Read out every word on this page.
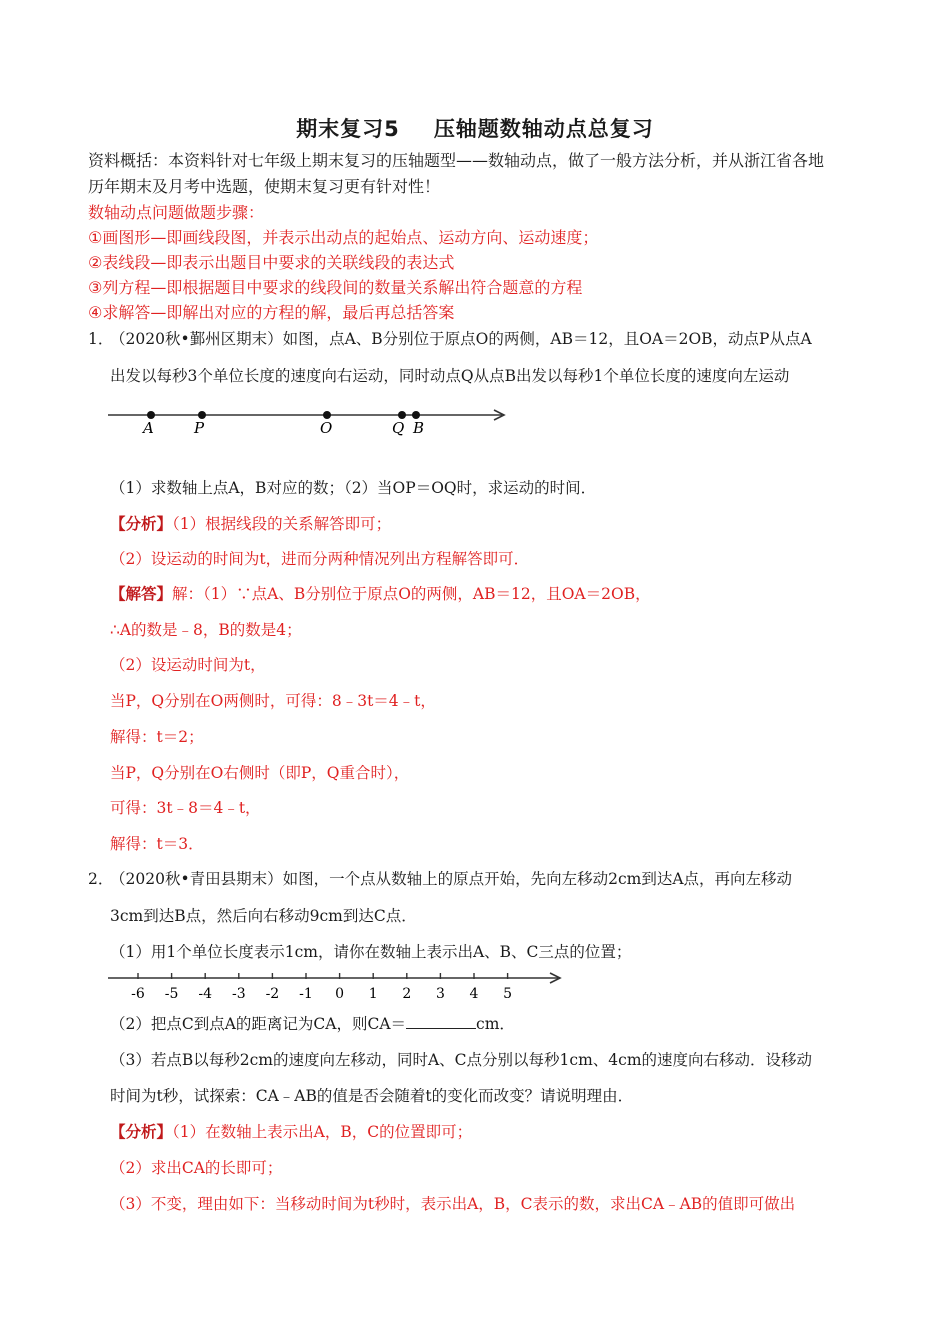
期末复习5 压轴题数轴动点总复习
资料概括：本资料针对七年级上期末复习的压轴题型——数轴动点，做了一般方法分析，并从浙江省各地
历年期末及月考中选题，使期末复习更有针对性！
数轴动点问题做题步骤：
①画图形—即画线段图，并表示出动点的起始点、运动方向、运动速度；
②表线段—即表示出题目中要求的关联线段的表达式
③列方程—即根据题目中要求的线段间的数量关系解出符合题意的方程
④求解答—即解出对应的方程的解，最后再总括答案
1．
（2020秋•鄞州区期末）如图，点A、B分别位于原点O的两侧，AB＝12，且OA＝2OB，动点P从点A
出发以每秒3个单位长度的速度向右运动，同时动点Q从点B出发以每秒1个单位长度的速度向左运动
A	P	O	Q B
（1）求数轴上点A，B对应的数；（2）当OP＝OQ时，求运动的时间．
【分析】（1）根据线段的关系解答即可；
（2）设运动的时间为t，进而分两种情况列出方程解答即可．
【解答】解：（1）∵点A、B分别位于原点O的两侧，AB＝12，且OA＝2OB，
∴A的数是﹣8，B的数是4；
（2）设运动时间为t，
当P，Q分别在O两侧时，可得：8﹣3t＝4﹣t，
解得：t＝2；
当P，Q分别在O右侧时（即P，Q重合时），
可得：3t﹣8＝4﹣t，
解得：t＝3．
2．
（2020秋•青田县期末）如图，一个点从数轴上的原点开始，先向左移动2cm到达A点，再向左移动
3cm到达B点，然后向右移动9cm到达C点．
（1）用1个单位长度表示1cm，请你在数轴上表示出A、B、C三点的位置；
-6 -5 -4 -3 -2 -1 0 1 2 3 4 5
（2）把点C到点A的距离记为CA，则CA＝	cm．
（3）若点B以每秒2cm的速度向左移动，同时A、C点分别以每秒1cm、4cm的速度向右移动．设移动
时间为t秒，试探索：CA﹣AB的值是否会随着t的变化而改变？请说明理由．
【分析】（1）在数轴上表示出A，B，C的位置即可；
（2）求出CA的长即可；
（3）不变，理由如下：当移动时间为t秒时，表示出A，B，C表示的数，求出CA﹣AB的值即可做出
